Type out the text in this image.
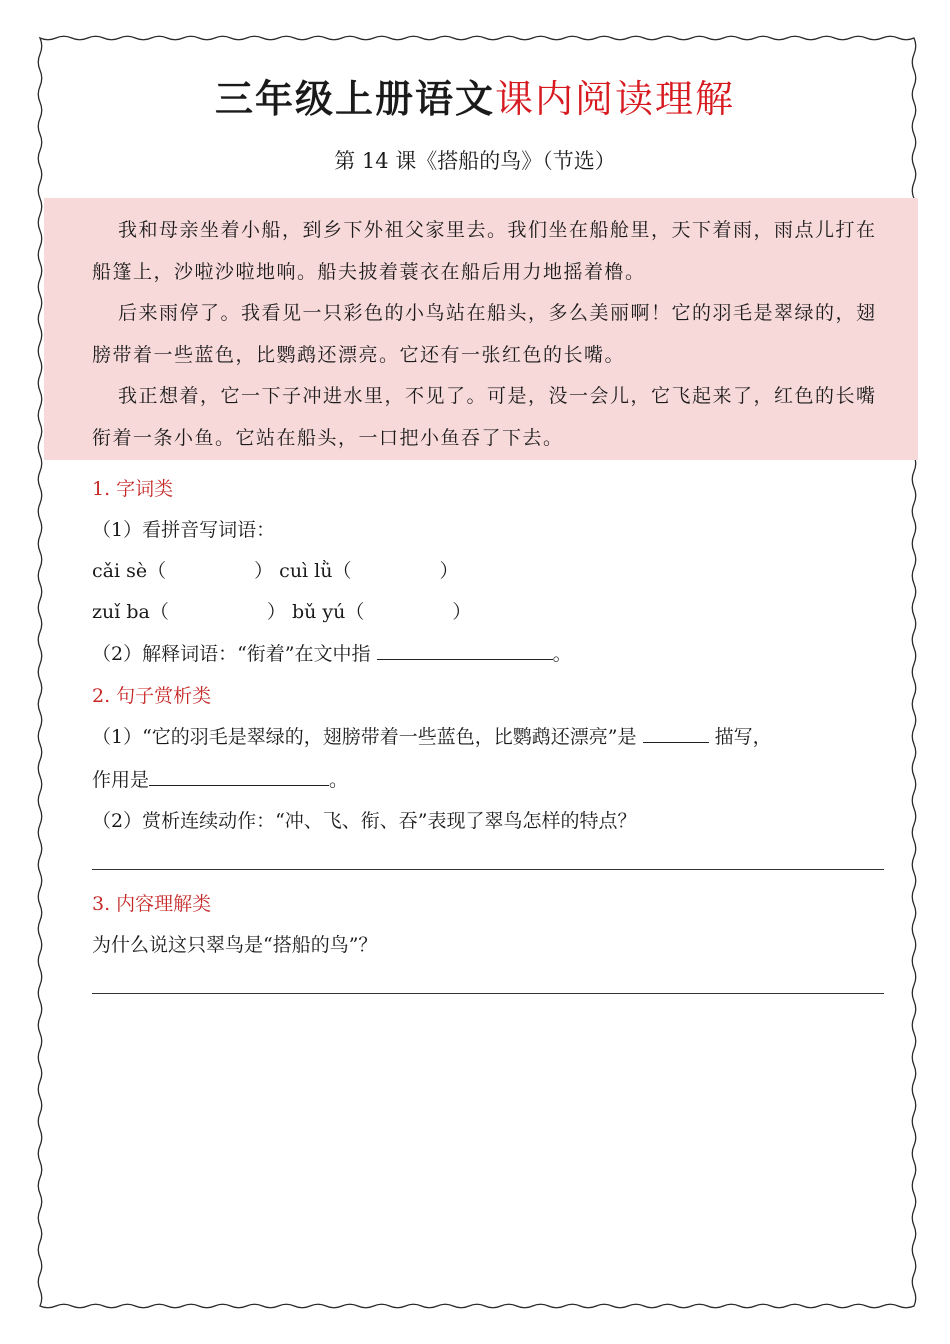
三年级上册语文课内阅读理解
第 14 课《搭船的鸟》（节选）

我和母亲坐着小船，到乡下外祖父家里去。我们坐在船舱里，天下着雨，雨点儿打在船篷上，沙啦沙啦地响。船夫披着蓑衣在船后用力地摇着橹。

后来雨停了。我看见一只彩色的小鸟站在船头，多么美丽啊！它的羽毛是翠绿的，翅膀带着一些蓝色，比鹦鹉还漂亮。它还有一张红色的长嘴。

我正想着，它一下子冲进水里，不见了。可是，没一会儿，它飞起来了，红色的长嘴衔着一条小鱼。它站在船头，一口把小鱼吞了下去。

1. 字词类
（1）看拼音写词语：
cǎi sè（	） cuì lǜ（	）
zuǐ ba（	） bǔ yú（	）
（2）解释词语：“衔着”在文中指	。
2. 句子赏析类
（1）“它的羽毛是翠绿的，翅膀带着一些蓝色，比鹦鹉还漂亮”是	描写，
作用是	。
（2）赏析连续动作：“冲、飞、衔、吞”表现了翠鸟怎样的特点？
3. 内容理解类
为什么说这只翠鸟是“搭船的鸟”？
